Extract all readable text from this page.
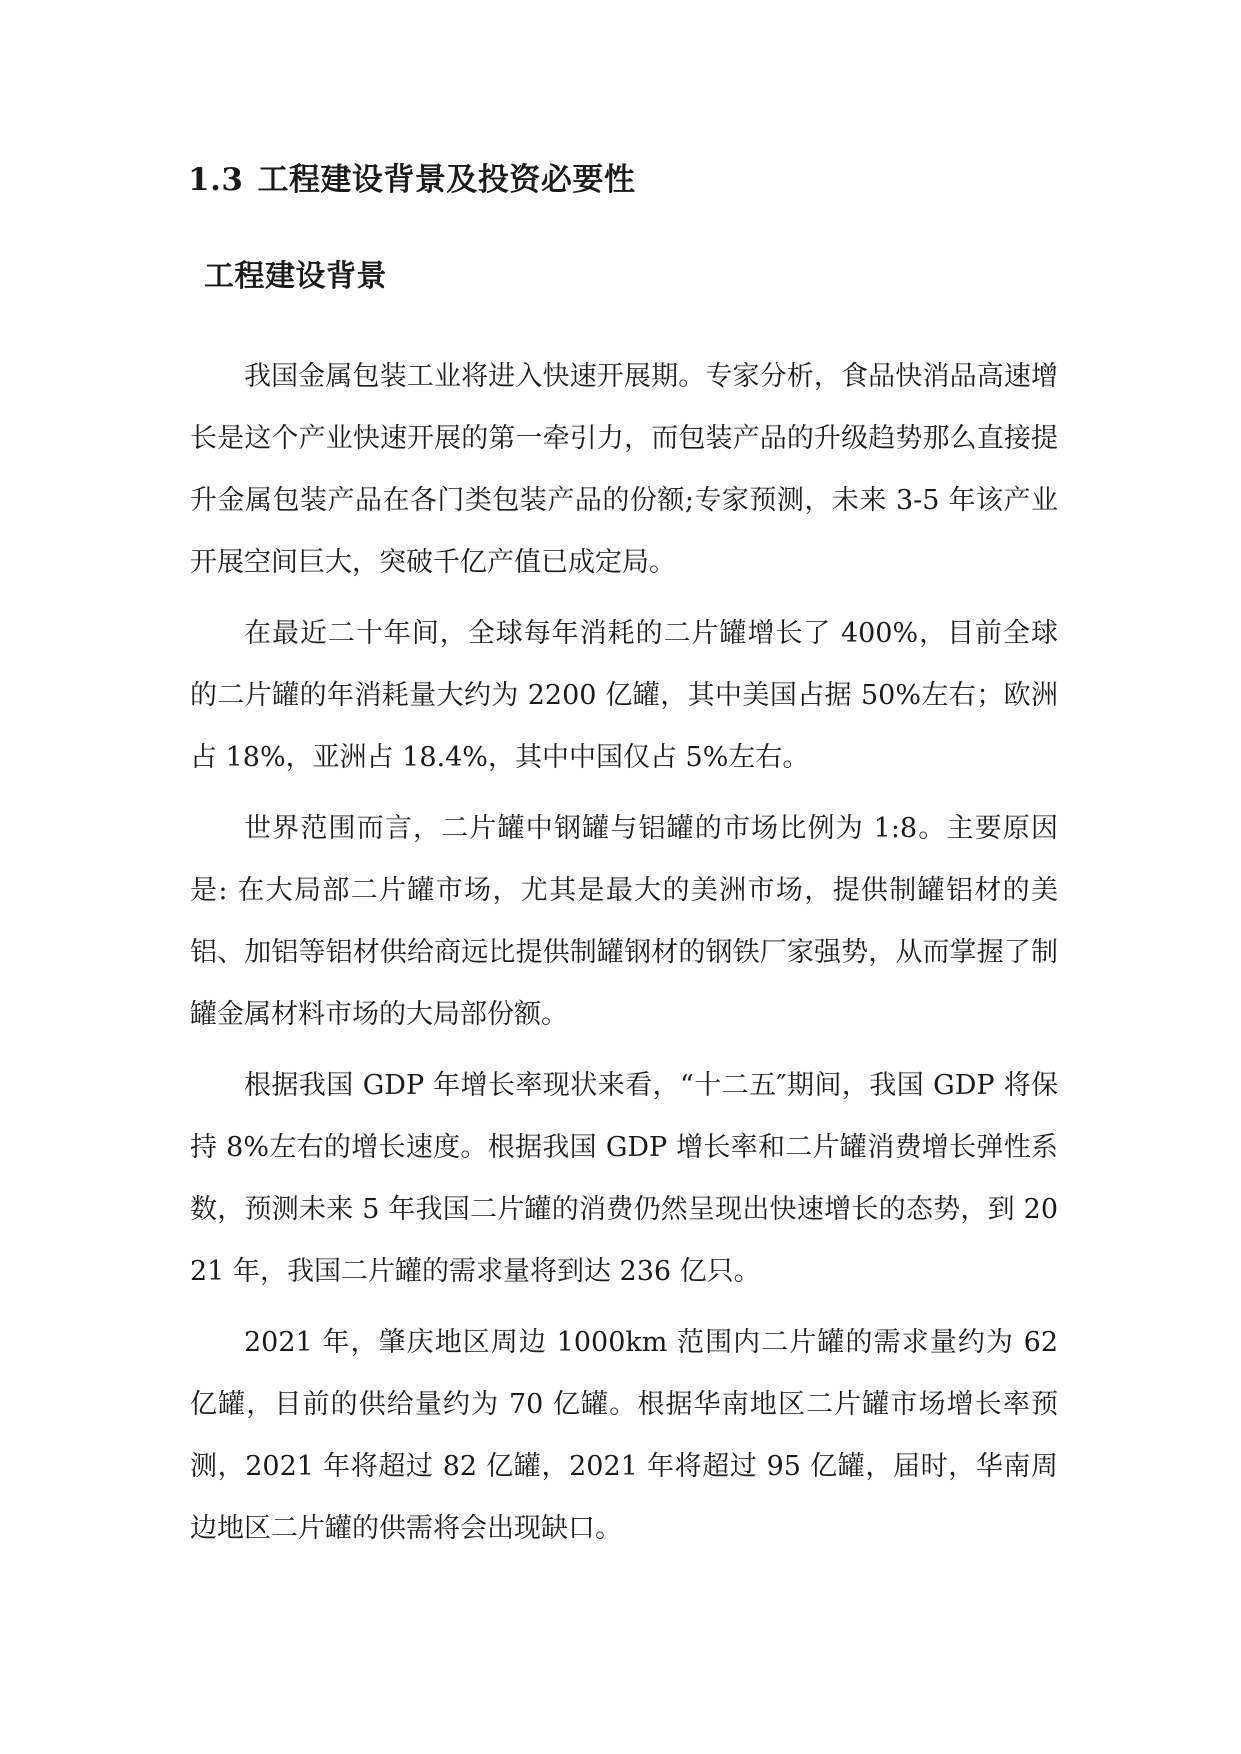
1.3 工程建设背景及投资必要性
工程建设背景

我国金属包装工业将进入快速开展期。专家分析，食品快消品高速增长是这个产业快速开展的第一牵引力，而包装产品的升级趋势那么直接提升金属包装产品在各门类包装产品的份额;专家预测，未来 3-5 年该产业开展空间巨大，突破千亿产值已成定局。

在最近二十年间，全球每年消耗的二片罐增长了 400%，目前全球的二片罐的年消耗量大约为 2200 亿罐，其中美国占据 50%左右；欧洲占 18%，亚洲占 18.4%，其中中国仅占 5%左右。

世界范围而言，二片罐中钢罐与铝罐的市场比例为 1:8。主要原因是: 在大局部二片罐市场，尤其是最大的美洲市场，提供制罐铝材的美铝、加铝等铝材供给商远比提供制罐钢材的钢铁厂家强势，从而掌握了制罐金属材料市场的大局部份额。

根据我国 GDP 年增长率现状来看，“十二五″期间，我国 GDP 将保持 8%左右的增长速度。根据我国 GDP 增长率和二片罐消费增长弹性系数，预测未来 5 年我国二片罐的消费仍然呈现出快速增长的态势，到 2021 年，我国二片罐的需求量将到达 236 亿只。

2021 年，肇庆地区周边 1000km 范围内二片罐的需求量约为 62 亿罐，目前的供给量约为 70 亿罐。根据华南地区二片罐市场增长率预测，2021 年将超过 82 亿罐，2021 年将超过 95 亿罐，届时，华南周边地区二片罐的供需将会出现缺口。
